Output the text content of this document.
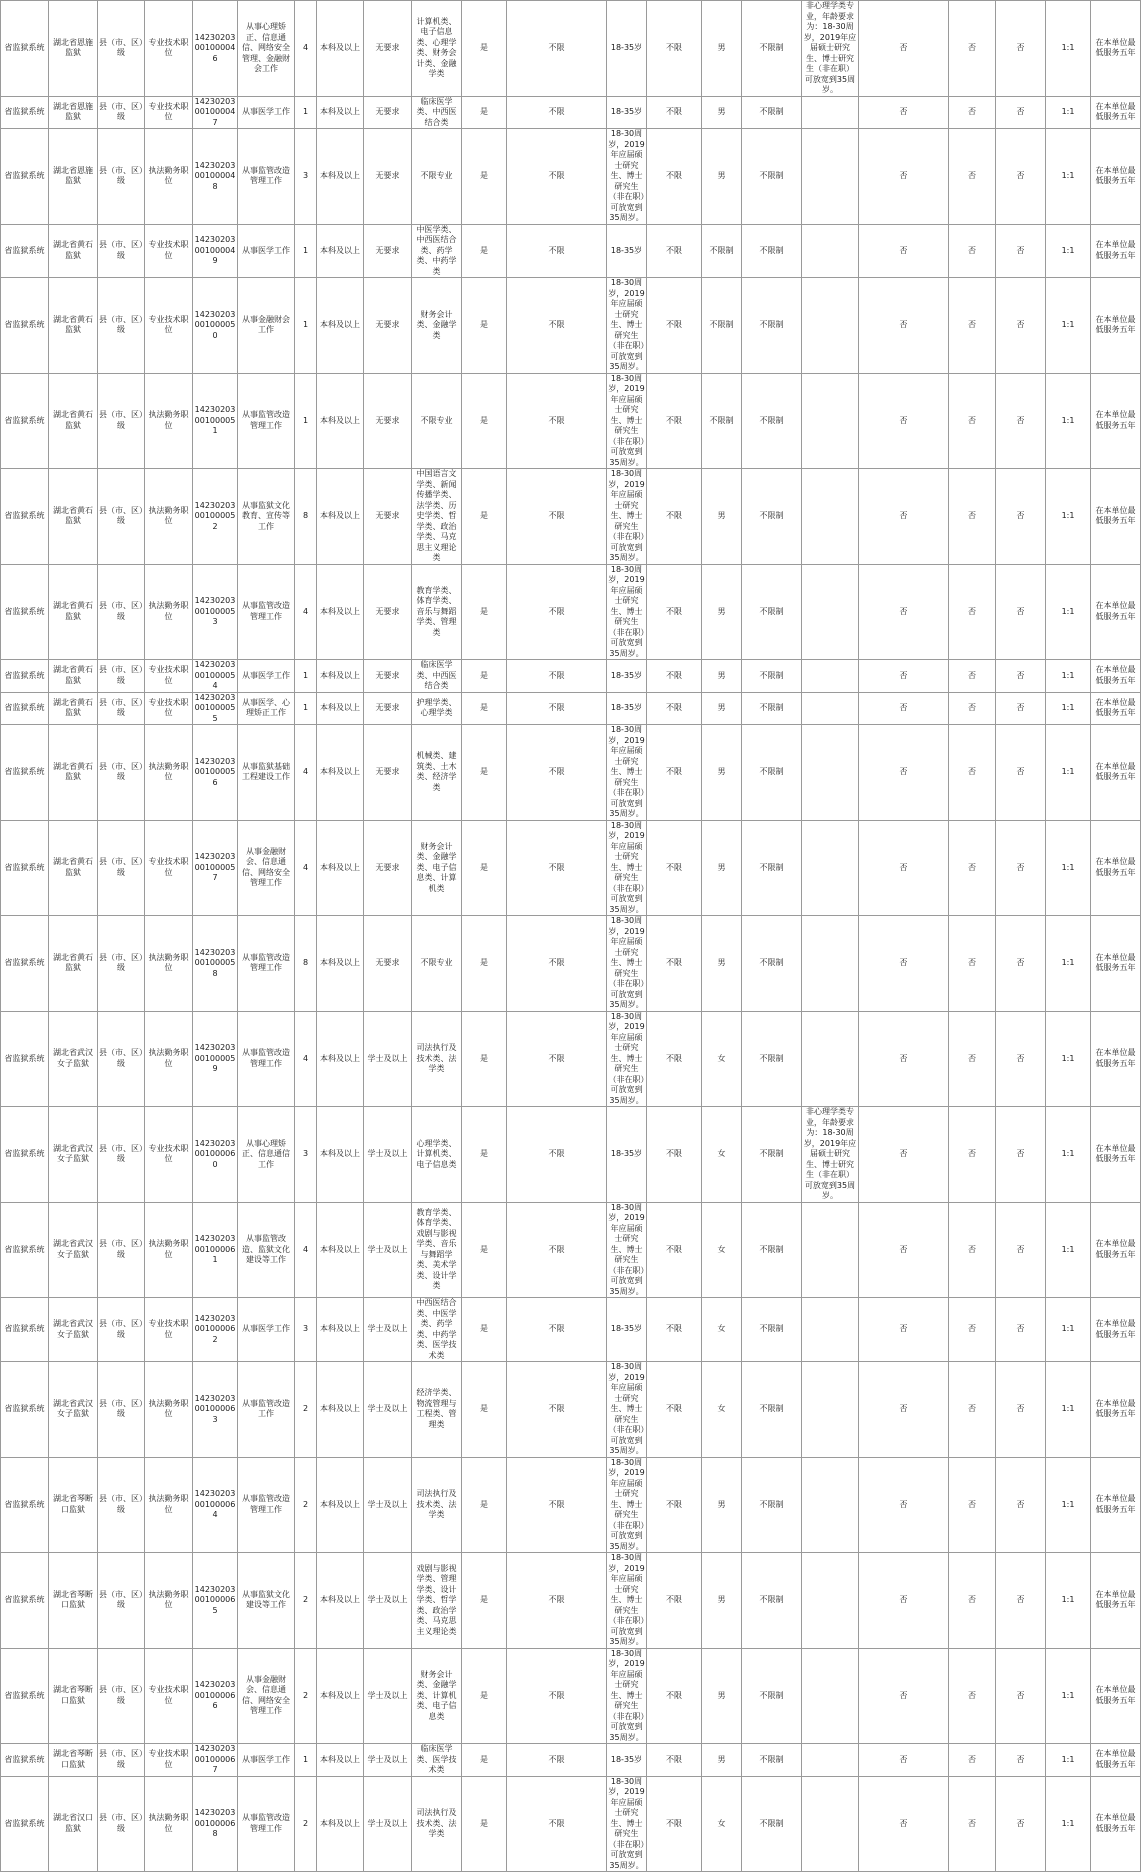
省监狱系统	湖北省恩施监狱	县（市、区）级	专业技术职位	14230203001000046	从事心理矫正、信息通信、网络安全管理、金融财会工作	4	本科及以上	无要求	计算机类、电子信息类、心理学类、财务会计类、金融学类	是	不限	18-35岁	不限	男	不限制	非心理学类专业，年龄要求为：18-30周岁，2019年应届硕士研究生、博士研究生（非在职）可放宽到35周岁。	否	否	否	1:1	在本单位最低服务五年
省监狱系统	湖北省恩施监狱	县（市、区）级	专业技术职位	14230203001000047	从事医学工作	1	本科及以上	无要求	临床医学类、中西医结合类	是	不限	18-35岁	不限	男	不限制		否	否	否	1:1	在本单位最低服务五年
省监狱系统	湖北省恩施监狱	县（市、区）级	执法勤务职位	14230203001000048	从事监管改造管理工作	3	本科及以上	无要求	不限专业	是	不限	18-30周岁，2019年应届硕士研究生、博士研究生（非在职）可放宽到35周岁。	不限	男	不限制		否	否	否	1:1	在本单位最低服务五年
省监狱系统	湖北省黄石监狱	县（市、区）级	专业技术职位	14230203001000049	从事医学工作	1	本科及以上	无要求	中医学类、中西医结合类、药学类、中药学类	是	不限	18-35岁	不限	不限制	不限制		否	否	否	1:1	在本单位最低服务五年
省监狱系统	湖北省黄石监狱	县（市、区）级	专业技术职位	14230203001000050	从事金融财会工作	1	本科及以上	无要求	财务会计类、金融学类	是	不限	18-30周岁，2019年应届硕士研究生、博士研究生（非在职）可放宽到35周岁。	不限	不限制	不限制		否	否	否	1:1	在本单位最低服务五年
省监狱系统	湖北省黄石监狱	县（市、区）级	执法勤务职位	14230203001000051	从事监管改造管理工作	1	本科及以上	无要求	不限专业	是	不限	18-30周岁，2019年应届硕士研究生、博士研究生（非在职）可放宽到35周岁。	不限	不限制	不限制		否	否	否	1:1	在本单位最低服务五年
省监狱系统	湖北省黄石监狱	县（市、区）级	执法勤务职位	14230203001000052	从事监狱文化教育、宣传等工作	8	本科及以上	无要求	中国语言文学类、新闻传播学类、法学类、历史学类、哲学类、政治学类、马克思主义理论类	是	不限	18-30周岁，2019年应届硕士研究生、博士研究生（非在职）可放宽到35周岁。	不限	男	不限制		否	否	否	1:1	在本单位最低服务五年
省监狱系统	湖北省黄石监狱	县（市、区）级	执法勤务职位	14230203001000053	从事监管改造管理工作	4	本科及以上	无要求	教育学类、体育学类、音乐与舞蹈学类、管理类	是	不限	18-30周岁，2019年应届硕士研究生、博士研究生（非在职）可放宽到35周岁。	不限	男	不限制		否	否	否	1:1	在本单位最低服务五年
省监狱系统	湖北省黄石监狱	县（市、区）级	专业技术职位	14230203001000054	从事医学工作	1	本科及以上	无要求	临床医学类、中西医结合类	是	不限	18-35岁	不限	男	不限制		否	否	否	1:1	在本单位最低服务五年
省监狱系统	湖北省黄石监狱	县（市、区）级	专业技术职位	14230203001000055	从事医学、心理矫正工作	1	本科及以上	无要求	护理学类、心理学类	是	不限	18-35岁	不限	男	不限制		否	否	否	1:1	在本单位最低服务五年
省监狱系统	湖北省黄石监狱	县（市、区）级	执法勤务职位	14230203001000056	从事监狱基础工程建设工作	4	本科及以上	无要求	机械类、建筑类、土木类、经济学类	是	不限	18-30周岁，2019年应届硕士研究生、博士研究生（非在职）可放宽到35周岁。	不限	男	不限制		否	否	否	1:1	在本单位最低服务五年
省监狱系统	湖北省黄石监狱	县（市、区）级	专业技术职位	14230203001000057	从事金融财会、信息通信、网络安全管理工作	4	本科及以上	无要求	财务会计类、金融学类、电子信息类、计算机类	是	不限	18-30周岁，2019年应届硕士研究生、博士研究生（非在职）可放宽到35周岁。	不限	男	不限制		否	否	否	1:1	在本单位最低服务五年
省监狱系统	湖北省黄石监狱	县（市、区）级	执法勤务职位	14230203001000058	从事监管改造管理工作	8	本科及以上	无要求	不限专业	是	不限	18-30周岁，2019年应届硕士研究生、博士研究生（非在职）可放宽到35周岁。	不限	男	不限制		否	否	否	1:1	在本单位最低服务五年
省监狱系统	湖北省武汉女子监狱	县（市、区）级	执法勤务职位	14230203001000059	从事监管改造管理工作	4	本科及以上	学士及以上	司法执行及技术类、法学类	是	不限	18-30周岁，2019年应届硕士研究生、博士研究生（非在职）可放宽到35周岁。	不限	女	不限制		否	否	否	1:1	在本单位最低服务五年
省监狱系统	湖北省武汉女子监狱	县（市、区）级	专业技术职位	14230203001000060	从事心理矫正、信息通信工作	3	本科及以上	学士及以上	心理学类、计算机类、电子信息类	是	不限	18-35岁	不限	女	不限制	非心理学类专业，年龄要求为：18-30周岁，2019年应届硕士研究生、博士研究生（非在职）可放宽到35周岁。	否	否	否	1:1	在本单位最低服务五年
省监狱系统	湖北省武汉女子监狱	县（市、区）级	执法勤务职位	14230203001000061	从事监管改造、监狱文化建设等工作	4	本科及以上	学士及以上	教育学类、体育学类、戏剧与影视学类、音乐与舞蹈学类、美术学类、设计学类	是	不限	18-30周岁，2019年应届硕士研究生、博士研究生（非在职）可放宽到35周岁。	不限	女	不限制		否	否	否	1:1	在本单位最低服务五年
省监狱系统	湖北省武汉女子监狱	县（市、区）级	专业技术职位	14230203001000062	从事医学工作	3	本科及以上	学士及以上	中西医结合类、中医学类、药学类、中药学类、医学技术类	是	不限	18-35岁	不限	女	不限制		否	否	否	1:1	在本单位最低服务五年
省监狱系统	湖北省武汉女子监狱	县（市、区）级	执法勤务职位	14230203001000063	从事监管改造工作	2	本科及以上	学士及以上	经济学类、物流管理与工程类、管理类	是	不限	18-30周岁，2019年应届硕士研究生、博士研究生（非在职）可放宽到35周岁。	不限	女	不限制		否	否	否	1:1	在本单位最低服务五年
省监狱系统	湖北省琴断口监狱	县（市、区）级	执法勤务职位	14230203001000064	从事监管改造管理工作	2	本科及以上	学士及以上	司法执行及技术类、法学类	是	不限	18-30周岁，2019年应届硕士研究生、博士研究生（非在职）可放宽到35周岁。	不限	男	不限制		否	否	否	1:1	在本单位最低服务五年
省监狱系统	湖北省琴断口监狱	县（市、区）级	执法勤务职位	14230203001000065	从事监狱文化建设等工作	2	本科及以上	学士及以上	戏剧与影视学类、管理学类、设计学类、哲学类、政治学类、马克思主义理论类	是	不限	18-30周岁，2019年应届硕士研究生、博士研究生（非在职）可放宽到35周岁。	不限	男	不限制		否	否	否	1:1	在本单位最低服务五年
省监狱系统	湖北省琴断口监狱	县（市、区）级	专业技术职位	14230203001000066	从事金融财会、信息通信、网络安全管理工作	2	本科及以上	学士及以上	财务会计类、金融学类、计算机类、电子信息类	是	不限	18-30周岁，2019年应届硕士研究生、博士研究生（非在职）可放宽到35周岁。	不限	男	不限制		否	否	否	1:1	在本单位最低服务五年
省监狱系统	湖北省琴断口监狱	县（市、区）级	专业技术职位	14230203001000067	从事医学工作	1	本科及以上	学士及以上	临床医学类、医学技术类	是	不限	18-35岁	不限	男	不限制		否	否	否	1:1	在本单位最低服务五年
省监狱系统	湖北省汉口监狱	县（市、区）级	执法勤务职位	14230203001000068	从事监管改造管理工作	2	本科及以上	学士及以上	司法执行及技术类、法学类	是	不限	18-30周岁，2019年应届硕士研究生、博士研究生（非在职）可放宽到35周岁。	不限	女	不限制		否	否	否	1:1	在本单位最低服务五年
